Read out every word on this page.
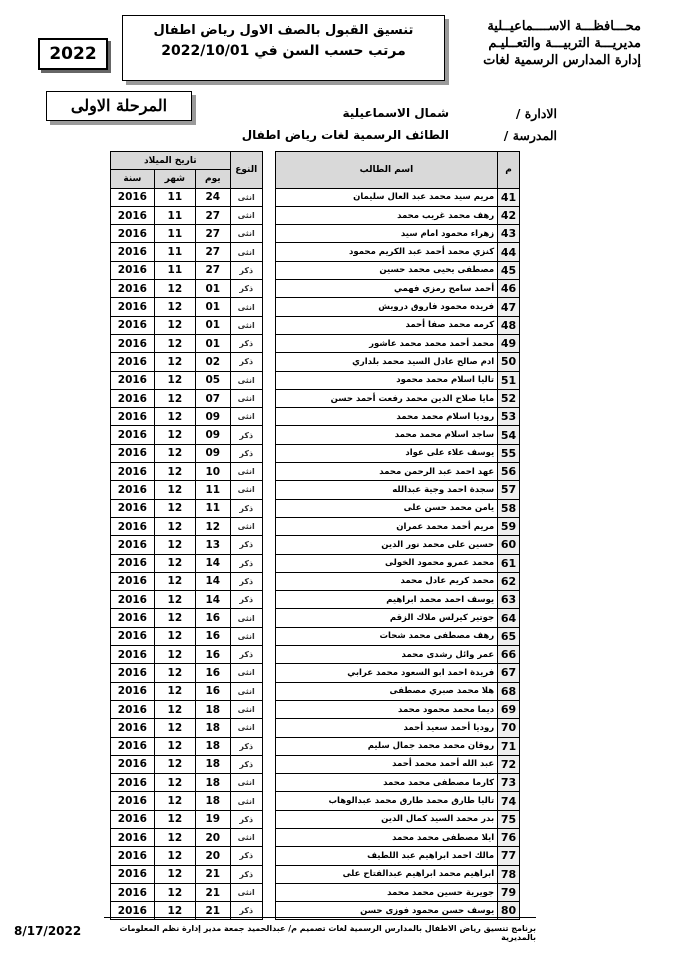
محـــافظـــة الاســــماعيــلية
مديريـــة التربيـــة والتعــليـم
إدارة المدارس الرسمية لغات
تنسيق القبول بالصف الاول رياض اطفال
مرتب حسب السن في 2022/10/01
2022
المرحلة الاولى	الادارة /
شمال الاسماعيلية
المدرسة /
الطائف الرسمية لغات رياض اطفال
م	اسم الطالب		النوع	تاريخ الميلاد		
				يوم	شهر	سنة
41	مريم سيد محمد عبد العال سليمان		انثى	24	11	2016
42	رهف محمد غريب محمد		انثى	27	11	2016
43	زهراء محمود امام سيد		انثى	27	11	2016
44	كنزي محمد أحمد عبد الكريم محمود		انثى	27	11	2016
45	مصطفى يحيى محمد حسين		ذكر	27	11	2016
46	أحمد سامح رمزي فهمي		ذكر	01	12	2016
47	فريده محمود فاروق درويش		انثى	01	12	2016
48	كرمه محمد صفا أحمد		انثى	01	12	2016
49	محمد أحمد محمد محمد عاشور		ذكر	01	12	2016
50	ادم صالح عادل السيد محمد بلداري		ذكر	02	12	2016
51	تاليا اسلام محمد محمود		انثى	05	12	2016
52	مايا صلاح الدين محمد رفعت أحمد حسن		انثى	07	12	2016
53	روديا اسلام محمد محمد		انثى	09	12	2016
54	ساجد اسلام محمد محمد		ذكر	09	12	2016
55	يوسف علاء على عواد		ذكر	09	12	2016
56	عهد احمد عبد الرحمن محمد		انثى	10	12	2016
57	سجدة احمد وجية عبدالله		انثى	11	12	2016
58	يامن محمد حسن على		ذكر	11	12	2016
59	مريم أحمد محمد عمران		انثى	12	12	2016
60	حسين على محمد نور الدين		ذكر	13	12	2016
61	محمد عمرو محمود الخولى		ذكر	14	12	2016
62	محمد كريم عادل محمد		ذكر	14	12	2016
63	يوسف احمد محمد ابراهيم		ذكر	14	12	2016
64	جوتير كيرلس ملاك الزقم		انثى	16	12	2016
65	رهف مصطفى محمد شحات		انثى	16	12	2016
66	عمر وائل رشدى محمد		ذكر	16	12	2016
67	فريدة احمد ابو السعود محمد عرابي		انثى	16	12	2016
68	هلا محمد صبري مصطفى		انثى	16	12	2016
69	ديما محمد محمود محمد		انثى	18	12	2016
70	روديا أحمد سعيد أحمد		انثى	18	12	2016
71	روقان محمد محمد جمال سليم		ذكر	18	12	2016
72	عبد الله أحمد محمد أحمد		ذكر	18	12	2016
73	كارما مصطفى محمد محمد		انثى	18	12	2016
74	تاليا طارق محمد طارق محمد عبدالوهاب		انثى	18	12	2016
75	بدر محمد السيد كمال الدين		ذكر	19	12	2016
76	ايلا مصطفى محمد محمد		انثى	20	12	2016
77	مالك احمد ابراهيم عبد اللطيف		ذكر	20	12	2016
78	ابراهيم محمد ابراهيم عبدالفتاح على		ذكر	21	12	2016
79	جويرية حسين محمد محمد		انثى	21	12	2016
80	يوسف حسن محمود فوزى حسن		ذكر	21	12	2016
8/17/2022	برنامج تنسيق رياض الاطفال بالمدارس الرسمية لغات تصميم م/ عبدالحميد جمعة مدير إدارة نظم المعلومات بالمديرية
